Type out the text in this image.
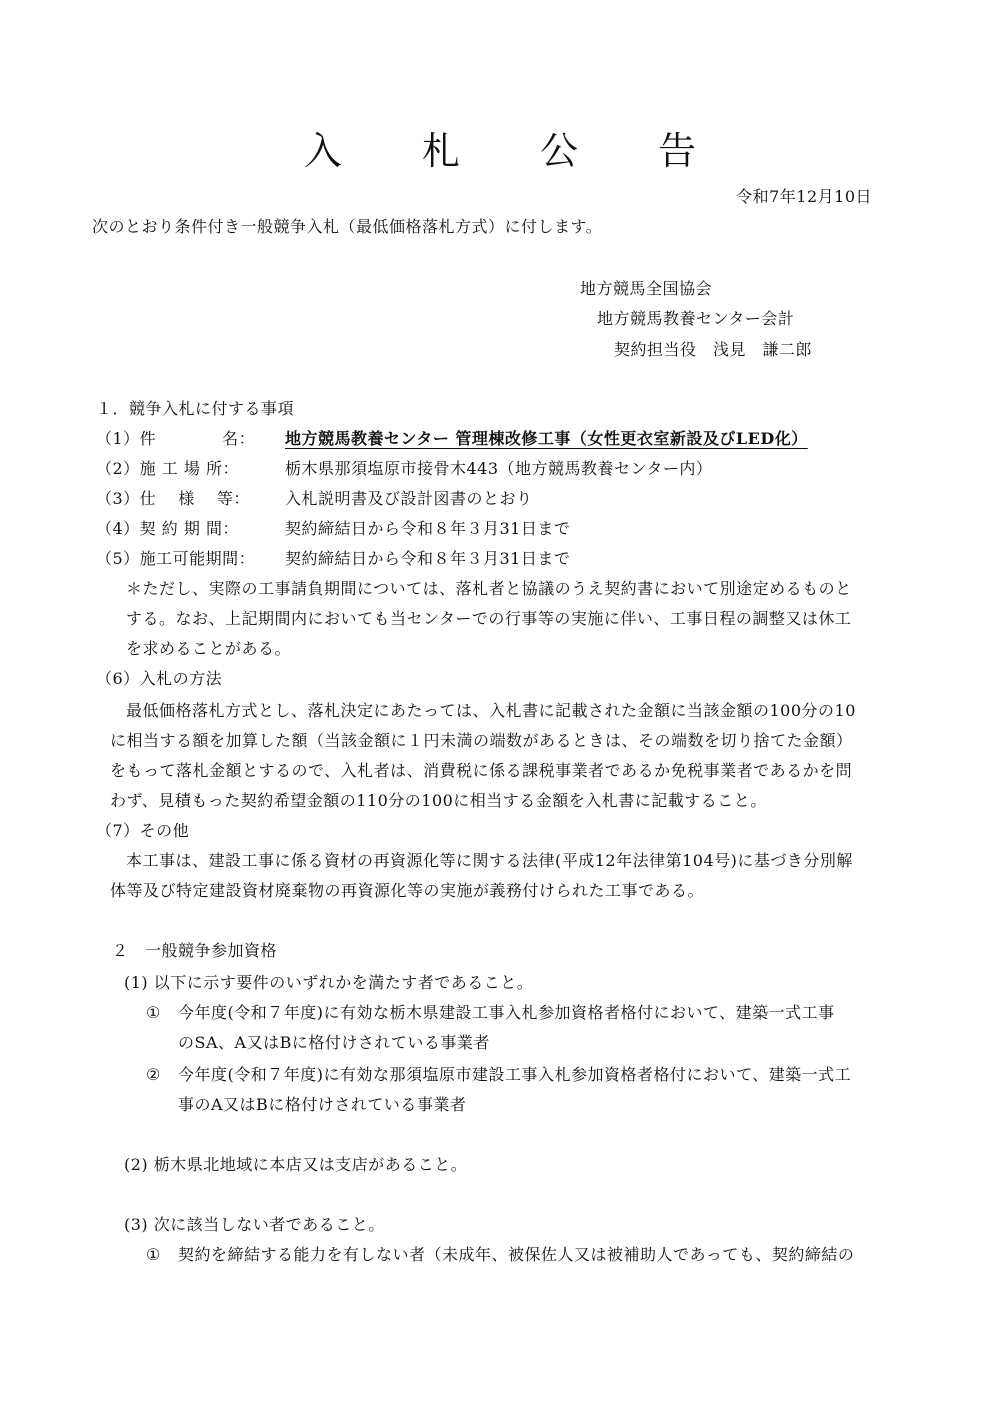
入 札 公 告
令和7年12月10日
次のとおり条件付き一般競争入札（最低価格落札方式）に付します。
地方競馬全国協会
地方競馬教養センター会計
契約担当役　浅見　謙二郎
１．競争入札に付する事項
（1）件　　　　名： 地方競馬教養センター 管理棟改修工事（女性更衣室新設及びLED化）
（2）施 工 場 所：	栃木県那須塩原市接骨木443（地方競馬教養センター内）
（3）仕　 様　 等： 入札説明書及び設計図書のとおり
（4）契 約 期 間：	契約締結日から令和８年３月31日まで
（5）施工可能期間： 契約締結日から令和８年３月31日まで
＊ただし、実際の工事請負期間については、落札者と協議のうえ契約書において別途定めるものと
する。なお、上記期間内においても当センターでの行事等の実施に伴い、工事日程の調整又は休工
を求めることがある。
（6）入札の方法
最低価格落札方式とし、落札決定にあたっては、入札書に記載された金額に当該金額の100分の10
に相当する額を加算した額（当該金額に１円未満の端数があるときは、その端数を切り捨てた金額）
をもって落札金額とするので、入札者は、消費税に係る課税事業者であるか免税事業者であるかを問
わず、見積もった契約希望金額の110分の100に相当する金額を入札書に記載すること。
（7）その他
本工事は、建設工事に係る資材の再資源化等に関する法律(平成12年法律第104号)に基づき分別解
体等及び特定建設資材廃棄物の再資源化等の実施が義務付けられた工事である。
２　一般競争参加資格
(1) 以下に示す要件のいずれかを満たす者であること。
① 今年度(令和７年度)に有効な栃木県建設工事入札参加資格者格付において、建築一式工事
のSA、A又はBに格付けされている事業者
② 今年度(令和７年度)に有効な那須塩原市建設工事入札参加資格者格付において、建築一式工
事のA又はBに格付けされている事業者
(2) 栃木県北地域に本店又は支店があること。
(3) 次に該当しない者であること。
① 契約を締結する能力を有しない者（未成年、被保佐人又は被補助人であっても、契約締結の
